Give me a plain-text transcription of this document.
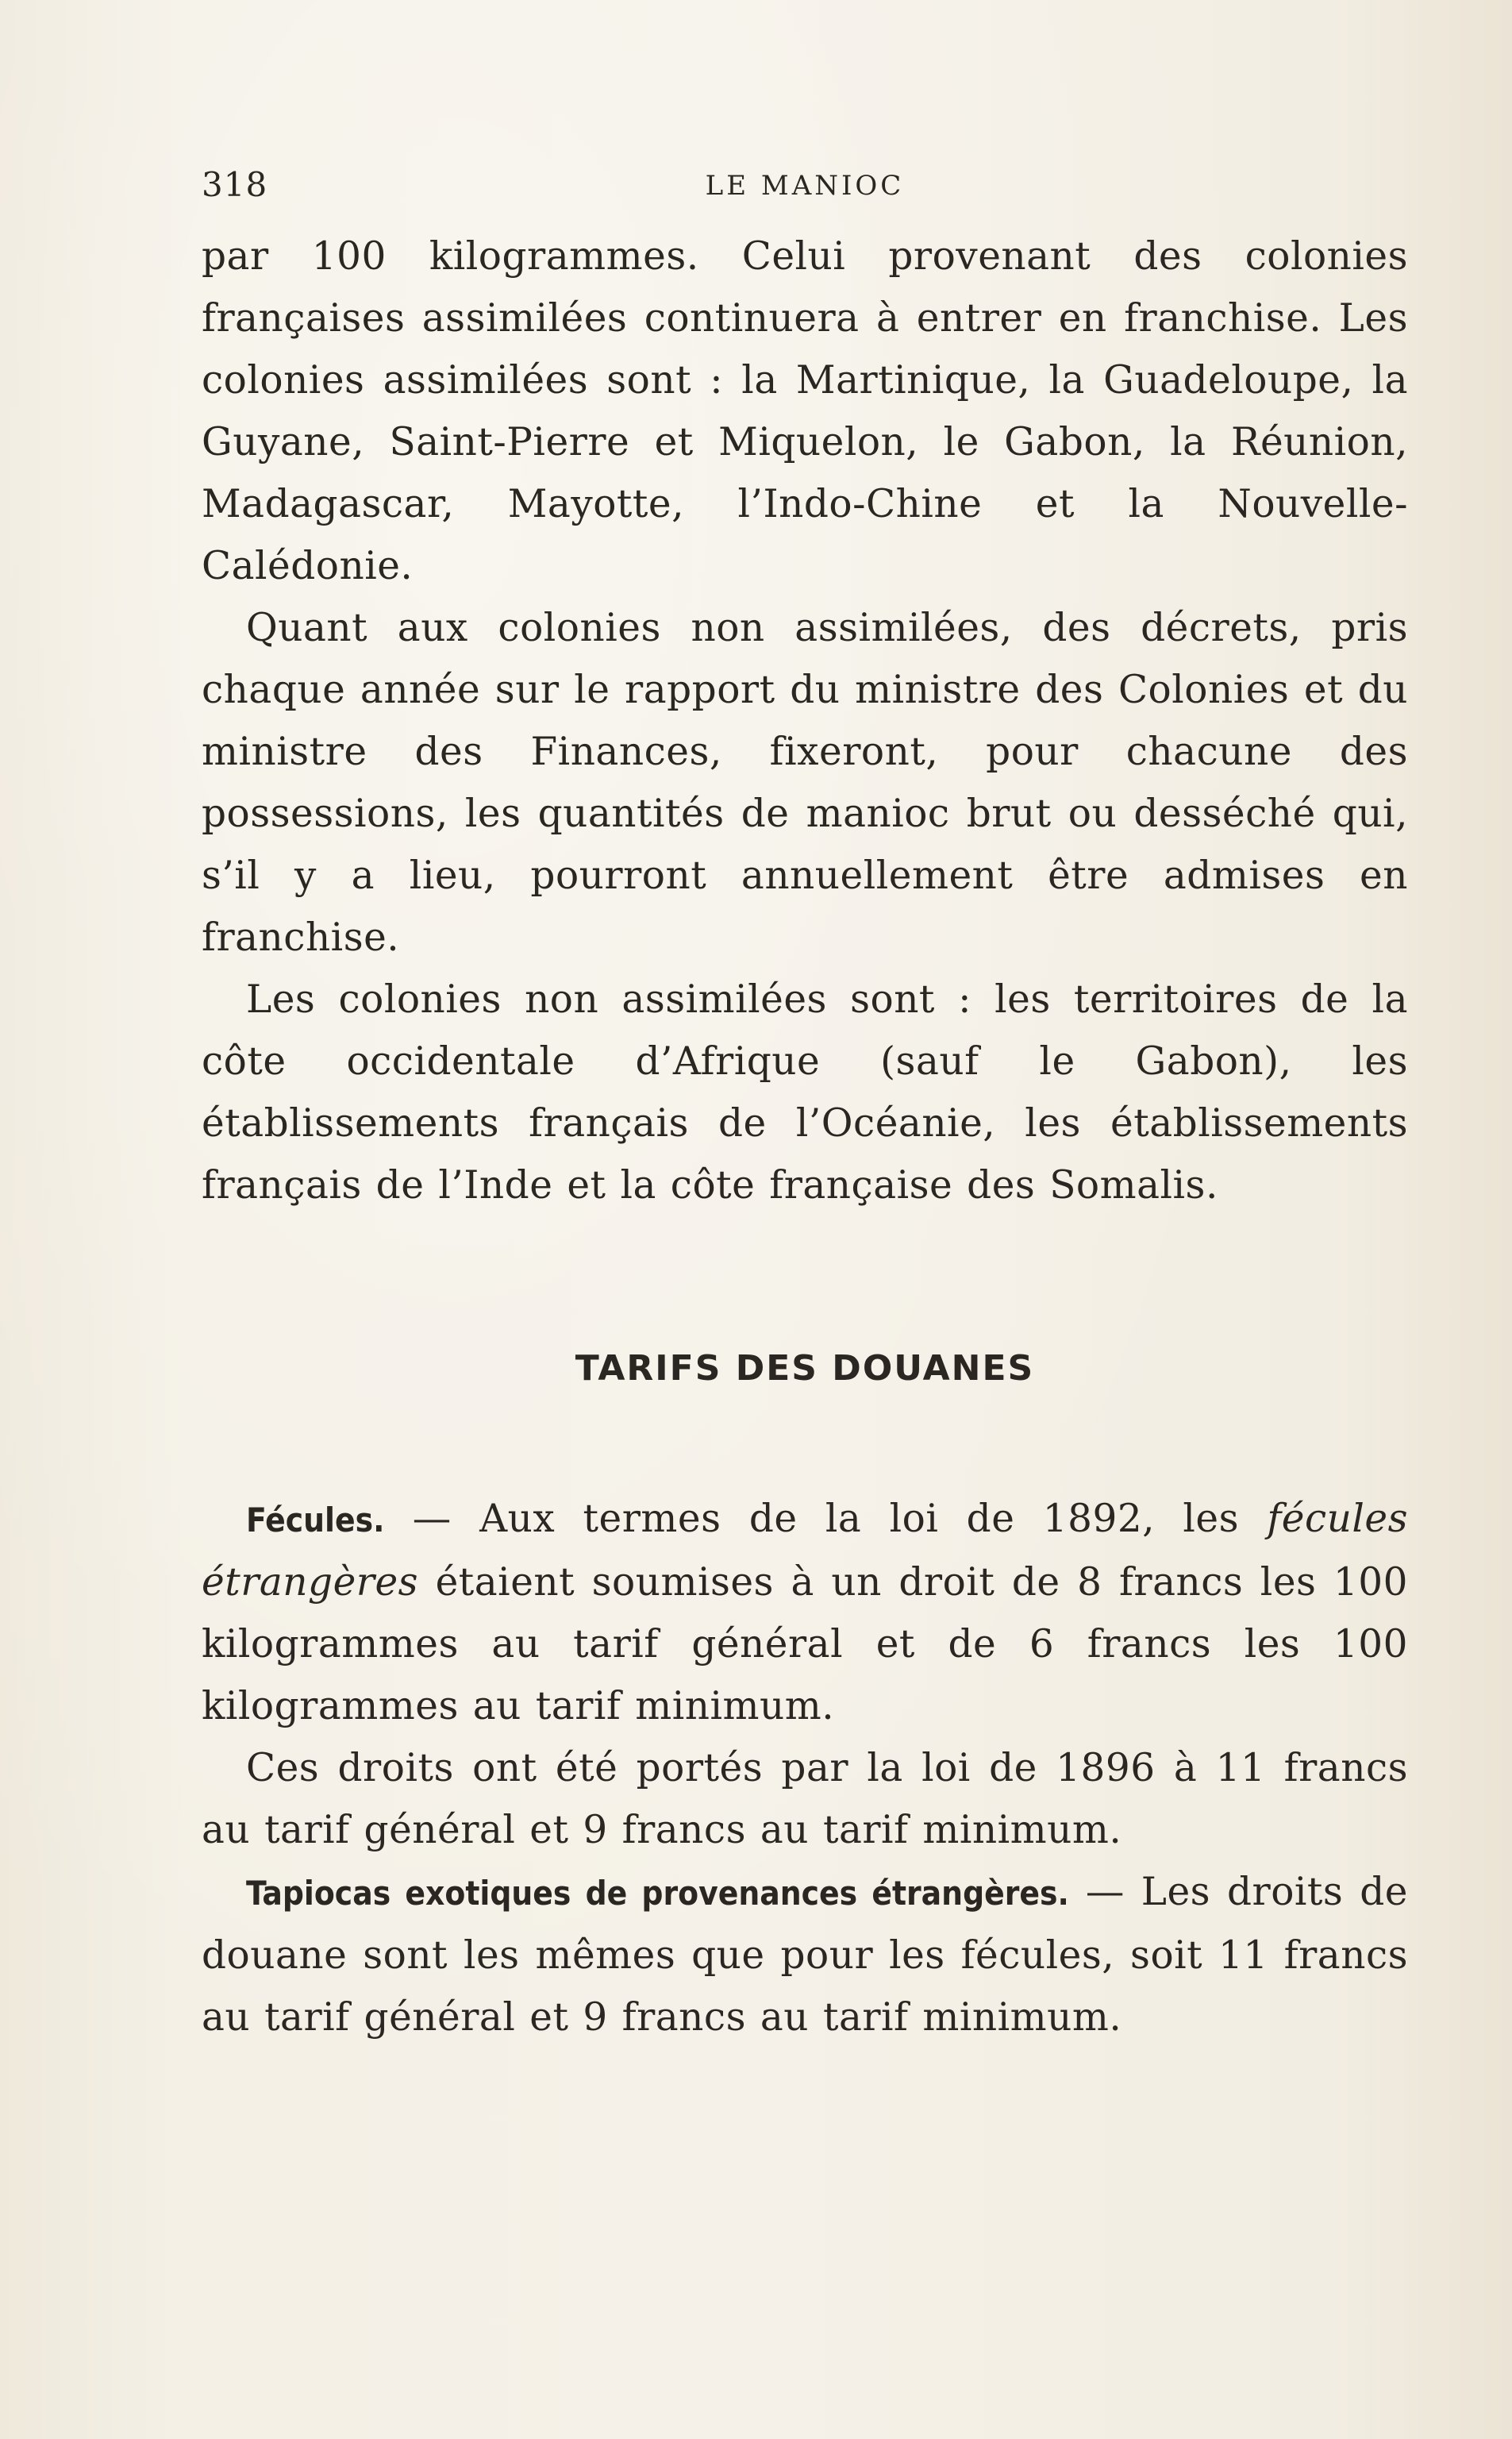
318	LE MANIOC

par 100 kilogrammes. Celui provenant des colonies françaises assimilées continuera à entrer en franchise. Les colonies assimilées sont : la Martinique, la Guadeloupe, la Guyane, Saint-Pierre et Miquelon, le Gabon, la Réunion, Madagascar, Mayotte, l’Indo-Chine et la Nouvelle-Calédonie.

Quant aux colonies non assimilées, des décrets, pris chaque année sur le rapport du ministre des Colonies et du ministre des Finances, fixeront, pour chacune des possessions, les quantités de manioc brut ou desséché qui, s’il y a lieu, pourront annuellement être admises en franchise.

Les colonies non assimilées sont : les territoires de la côte occidentale d’Afrique (sauf le Gabon), les établissements français de l’Océanie, les établissements français de l’Inde et la côte française des Somalis.

TARIFS DES DOUANES

Fécules. — Aux termes de la loi de 1892, les fécules étrangères étaient soumises à un droit de 8 francs les 100 kilogrammes au tarif général et de 6 francs les 100 kilogrammes au tarif minimum.

Ces droits ont été portés par la loi de 1896 à 11 francs au tarif général et 9 francs au tarif minimum.

Tapiocas exotiques de provenances étrangères. — Les droits de douane sont les mêmes que pour les fécules, soit 11 francs au tarif général et 9 francs au tarif minimum.
